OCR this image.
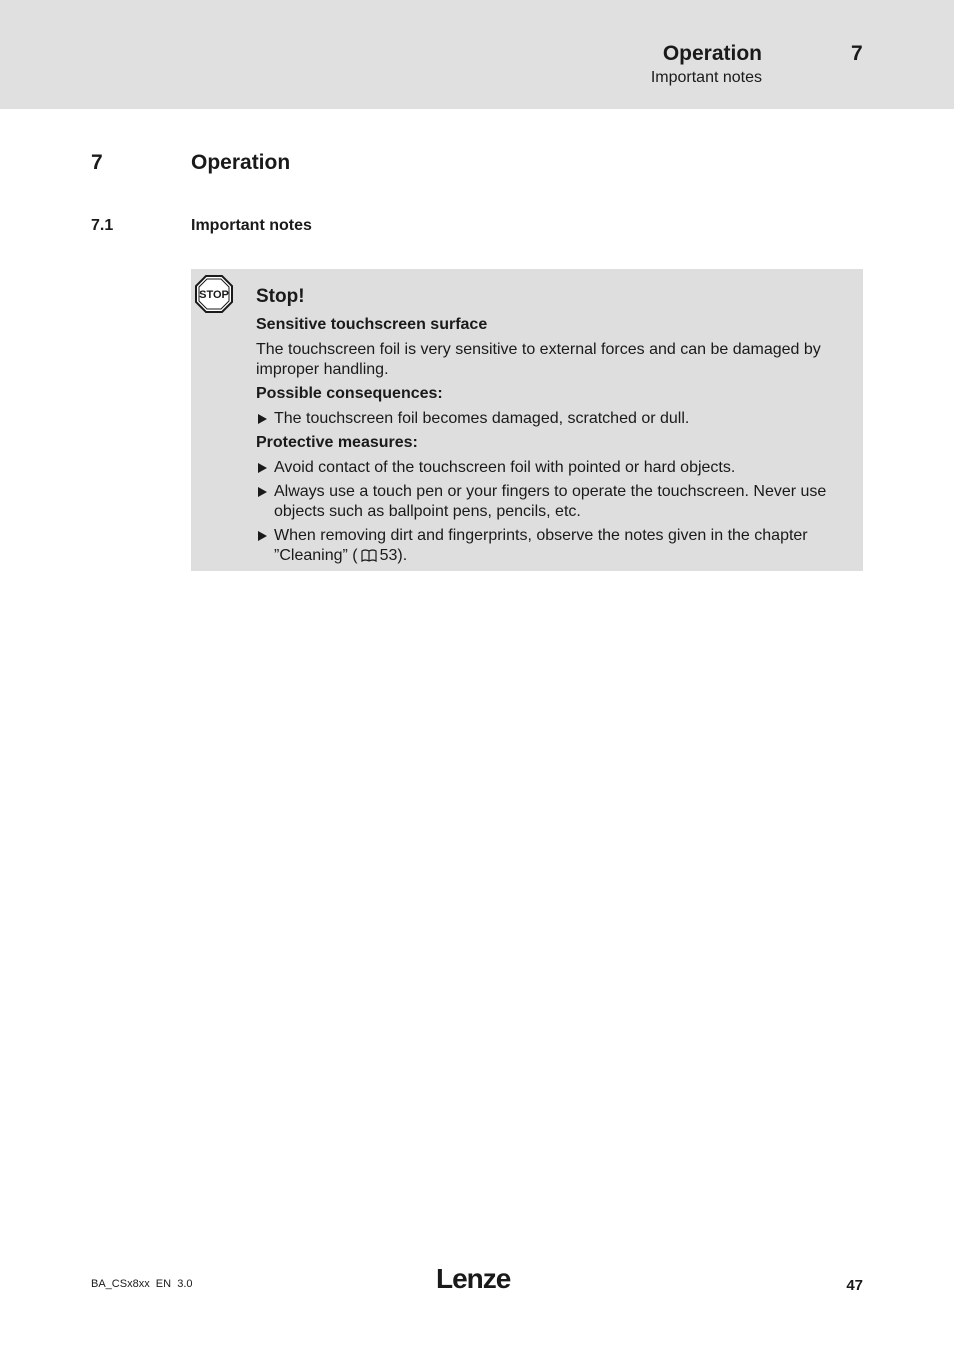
Operation
Important notes
7
7	Operation
7.1	Important notes
STOP Stop!
Sensitive touchscreen surface
The touchscreen foil is very sensitive to external forces and can be damaged by improper handling.
Possible consequences:
The touchscreen foil becomes damaged, scratched or dull.
Protective measures:
Avoid contact of the touchscreen foil with pointed or hard objects.
Always use a touch pen or your fingers to operate the touchscreen. Never use objects such as ballpoint pens, pencils, etc.
When removing dirt and fingerprints, observe the notes given in the chapter ”Cleaning” ( 53).
BA_CSx8xx  EN  3.0	Lenze	47
